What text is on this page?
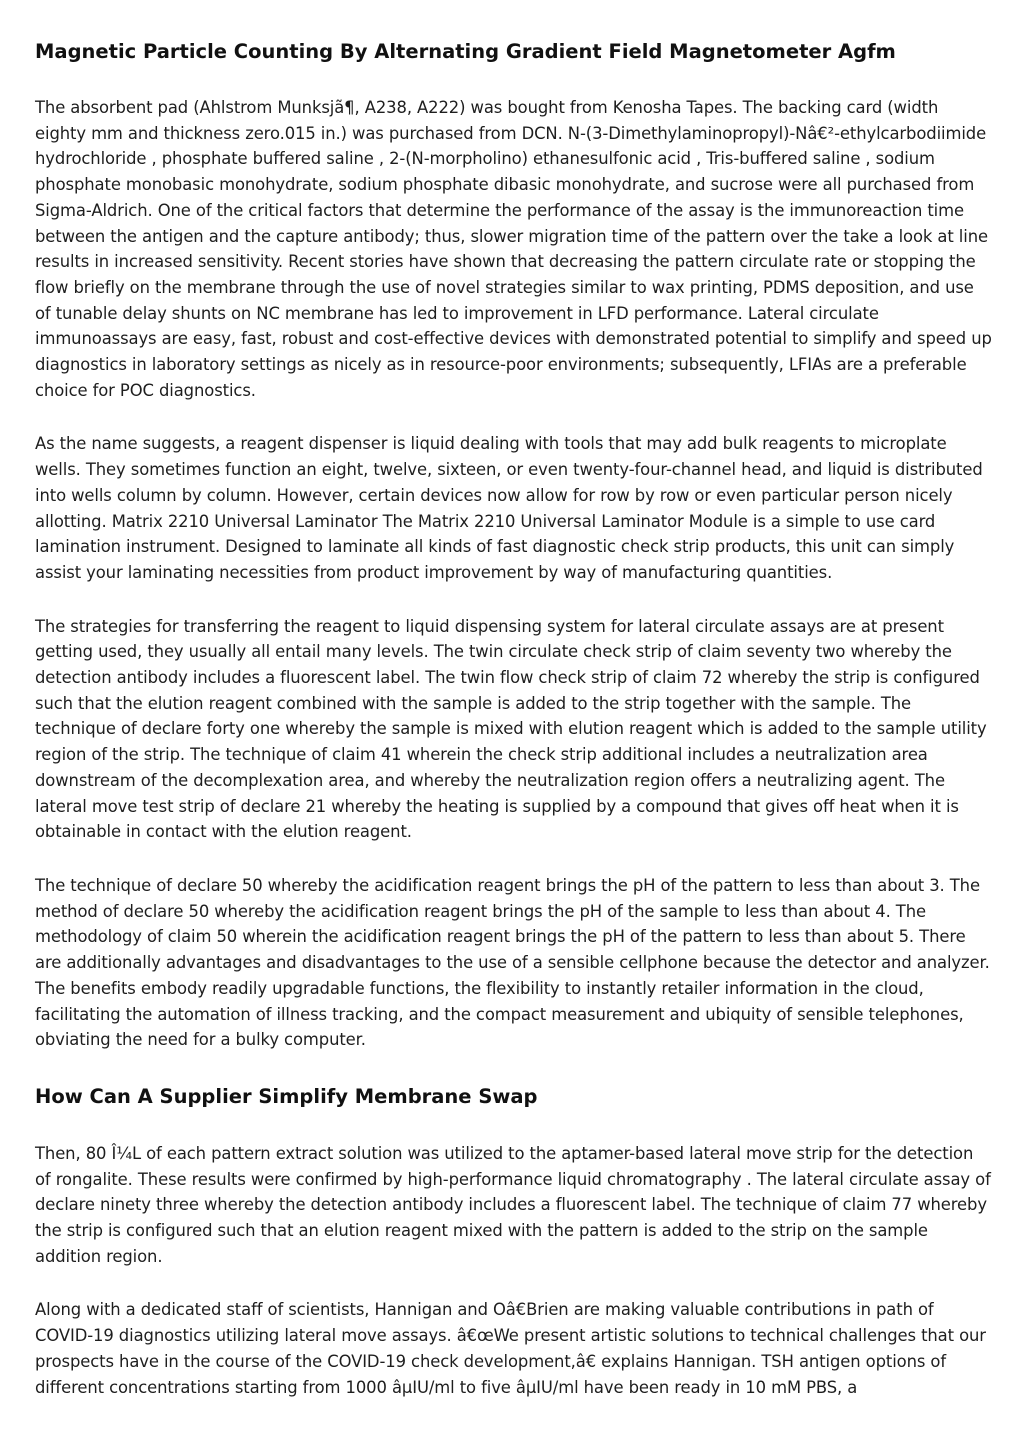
Magnetic Particle Counting By Alternating Gradient Field Magnetometer Agfm

The absorbent pad (Ahlstrom Munksjã¶, A238, A222) was bought from Kenosha Tapes. The backing card (width eighty mm and thickness zero.015 in.) was purchased from DCN. N-(3-Dimethylaminopropyl)-Nâ€²-ethylcarbodiimide hydrochloride , phosphate buffered saline , 2-(N-morpholino) ethanesulfonic acid , Tris-buffered saline , sodium phosphate monobasic monohydrate, sodium phosphate dibasic monohydrate, and sucrose were all purchased from Sigma-Aldrich. One of the critical factors that determine the performance of the assay is the immunoreaction time between the antigen and the capture antibody; thus, slower migration time of the pattern over the take a look at line results in increased sensitivity. Recent stories have shown that decreasing the pattern circulate rate or stopping the flow briefly on the membrane through the use of novel strategies similar to wax printing, PDMS deposition, and use of tunable delay shunts on NC membrane has led to improvement in LFD performance. Lateral circulate immunoassays are easy, fast, robust and cost-effective devices with demonstrated potential to simplify and speed up diagnostics in laboratory settings as nicely as in resource-poor environments; subsequently, LFIAs are a preferable choice for POC diagnostics.

As the name suggests, a reagent dispenser is liquid dealing with tools that may add bulk reagents to microplate wells. They sometimes function an eight, twelve, sixteen, or even twenty-four-channel head, and liquid is distributed into wells column by column. However, certain devices now allow for row by row or even particular person nicely allotting. Matrix 2210 Universal Laminator The Matrix 2210 Universal Laminator Module is a simple to use card lamination instrument. Designed to laminate all kinds of fast diagnostic check strip products, this unit can simply assist your laminating necessities from product improvement by way of manufacturing quantities.

The strategies for transferring the reagent to liquid dispensing system for lateral circulate assays are at present getting used, they usually all entail many levels. The twin circulate check strip of claim seventy two whereby the detection antibody includes a fluorescent label. The twin flow check strip of claim 72 whereby the strip is configured such that the elution reagent combined with the sample is added to the strip together with the sample. The technique of declare forty one whereby the sample is mixed with elution reagent which is added to the sample utility region of the strip. The technique of claim 41 wherein the check strip additional includes a neutralization area downstream of the decomplexation area, and whereby the neutralization region offers a neutralizing agent. The lateral move test strip of declare 21 whereby the heating is supplied by a compound that gives off heat when it is obtainable in contact with the elution reagent.

The technique of declare 50 whereby the acidification reagent brings the pH of the pattern to less than about 3. The method of declare 50 whereby the acidification reagent brings the pH of the sample to less than about 4. The methodology of claim 50 wherein the acidification reagent brings the pH of the pattern to less than about 5. There are additionally advantages and disadvantages to the use of a sensible cellphone because the detector and analyzer. The benefits embody readily upgradable functions, the flexibility to instantly retailer information in the cloud, facilitating the automation of illness tracking, and the compact measurement and ubiquity of sensible telephones, obviating the need for a bulky computer.

How Can A Supplier Simplify Membrane Swap

Then, 80 Î¼L of each pattern extract solution was utilized to the aptamer-based lateral move strip for the detection of rongalite. These results were confirmed by high-performance liquid chromatography . The lateral circulate assay of declare ninety three whereby the detection antibody includes a fluorescent label. The technique of claim 77 whereby the strip is configured such that an elution reagent mixed with the pattern is added to the strip on the sample addition region.

Along with a dedicated staff of scientists, Hannigan and Oâ€Brien are making valuable contributions in path of COVID-19 diagnostics utilizing lateral move assays. â€œWe present artistic solutions to technical challenges that our prospects have in the course of the COVID-19 check development,â€ explains Hannigan. TSH antigen options of different concentrations starting from 1000 âµIU/ml to five âµIU/ml have been ready in 10 mM PBS, a
